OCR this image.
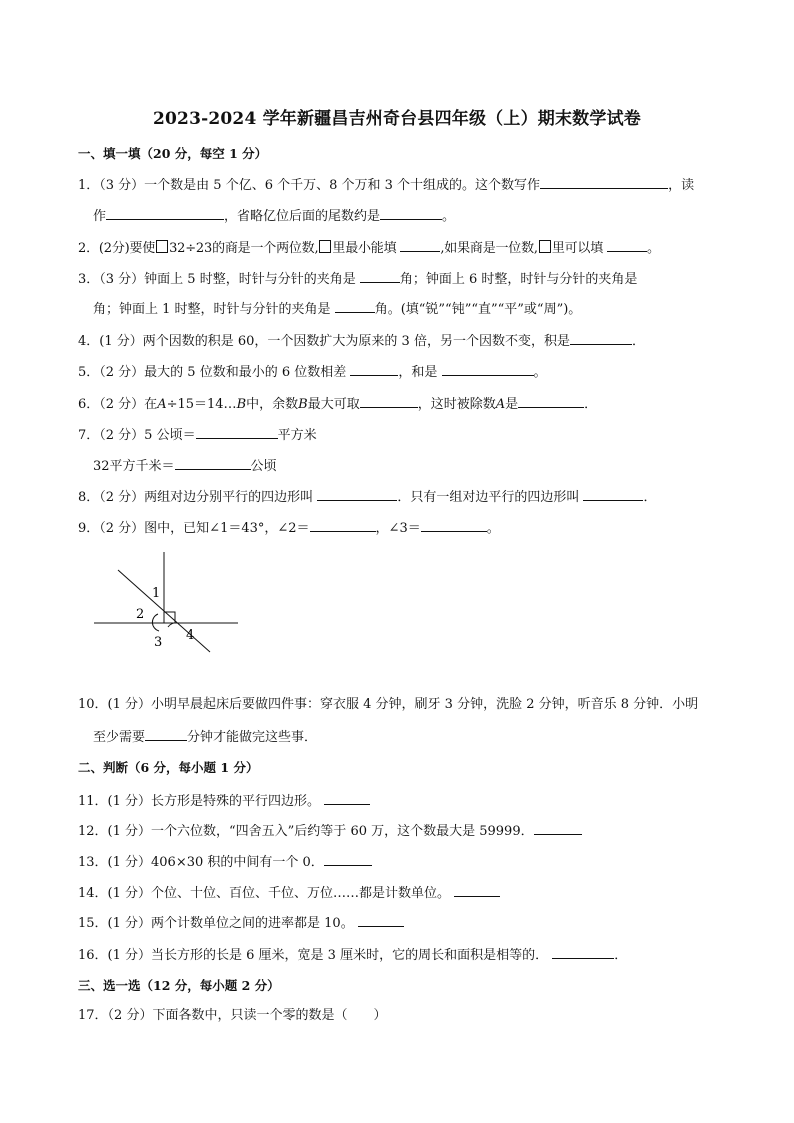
2023-2024 学年新疆昌吉州奇台县四年级（上）期末数学试卷
一、填一填（20 分，每空 1 分）
1．（3 分）一个数是由 5 个亿、6 个千万、8 个万和 3 个十组成的。这个数写作	，读
作	，省略亿位后面的尾数约是	。
2．(2分)要使 32÷23的商是一个两位数, 里最小能填	,如果商是一位数, 里可以填	。
3．（3 分）钟面上 5 时整，时针与分针的夹角是	角；钟面上 6 时整，时针与分针的夹角是
角；钟面上 1 时整，时针与分针的夹角是	角。(填“锐”“钝”“直”“平”或“周”)。
4．(1 分）两个因数的积是 60，一个因数扩大为原来的 3 倍，另一个因数不变，积是	．
5．（2 分）最大的 5 位数和最小的 6 位数相差	，和是	。
6．（2 分）在A÷15＝14…B中，余数B最大可取	，这时被除数A是	．
7．（2 分）5 公顷＝	平方米
32平方千米＝	公顷
8．（2 分）两组对边分别平行的四边形叫	．只有一组对边平行的四边形叫	．
9．（2 分）图中，已知∠1＝43°，∠2＝	，∠3＝	。
1
2
3 4
10．(1 分）小明早晨起床后要做四件事：穿衣服 4 分钟，刷牙 3 分钟，洗脸 2 分钟，听音乐 8 分钟．小明
至少需要	分钟才能做完这些事．
二、判断（6 分，每小题 1 分）
11．(1 分）长方形是特殊的平行四边形。
12．(1 分）一个六位数，“四舍五入”后约等于 60 万，这个数最大是 59999．
13．(1 分）406×30 积的中间有一个 0．
14．(1 分）个位、十位、百位、千位、万位……都是计数单位。
15．(1 分）两个计数单位之间的进率都是 10。
16．(1 分）当长方形的长是 6 厘米，宽是 3 厘米时，它的周长和面积是相等的．	．
三、选一选（12 分，每小题 2 分）
17．（2 分）下面各数中，只读一个零的数是（　　）
